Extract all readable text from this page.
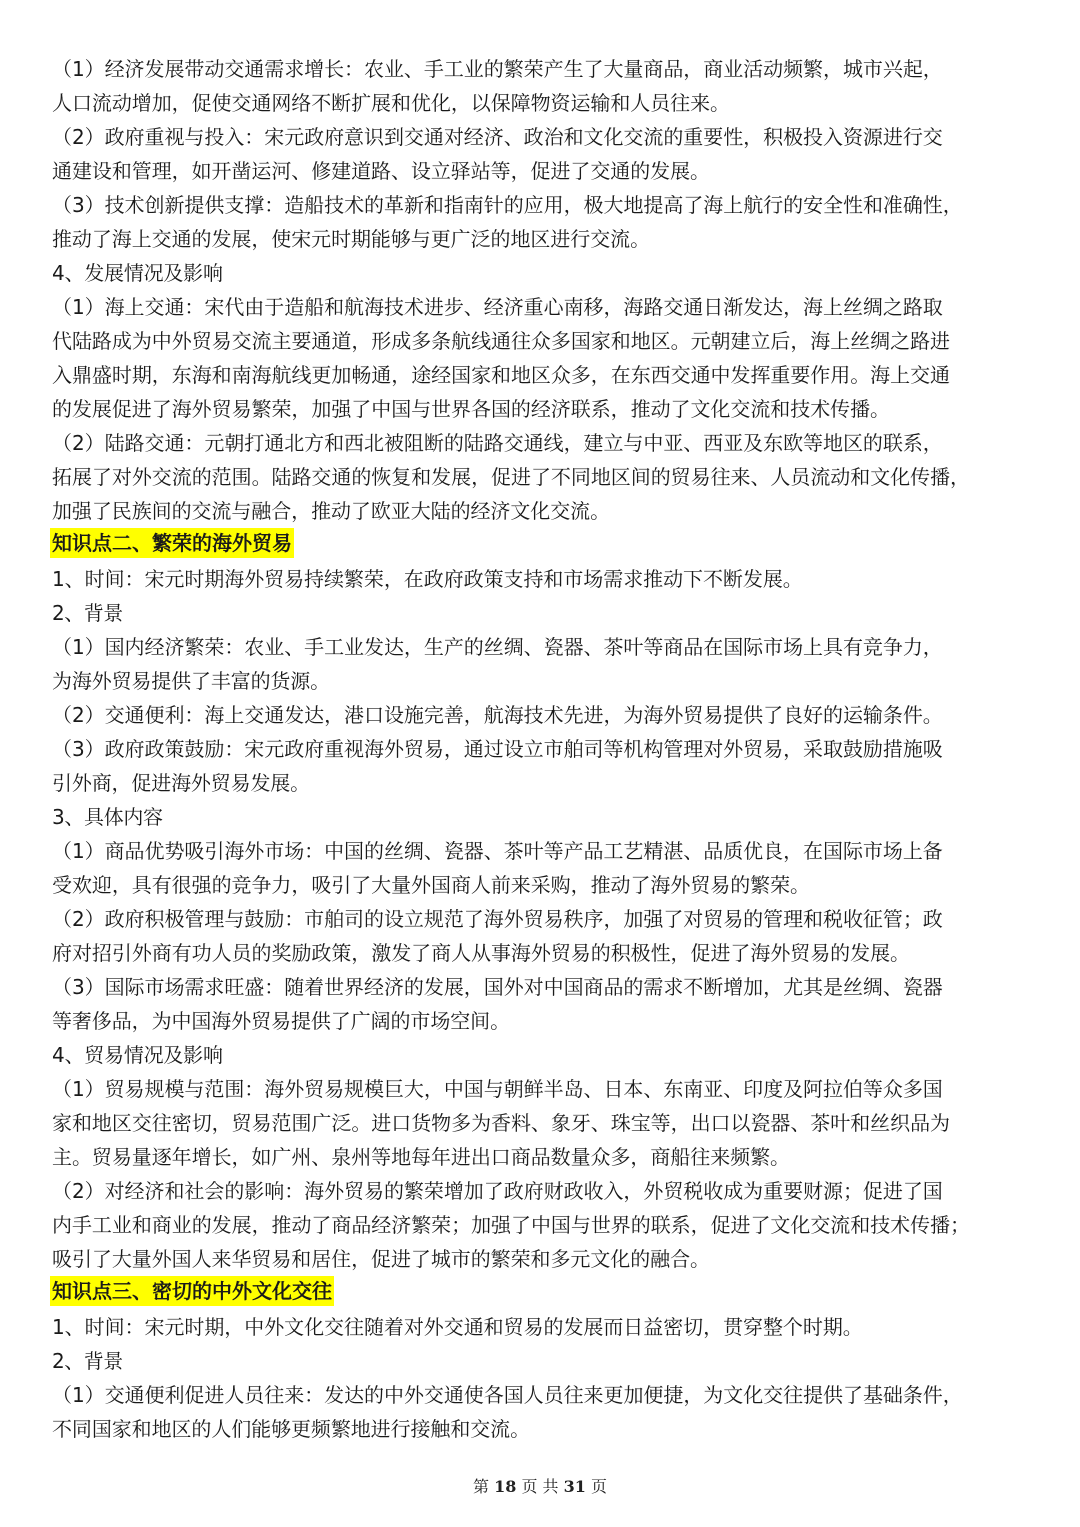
（1）经济发展带动交通需求增长：农业、手工业的繁荣产生了大量商品，商业活动频繁，城市兴起，
人口流动增加，促使交通网络不断扩展和优化，以保障物资运输和人员往来。
（2）政府重视与投入：宋元政府意识到交通对经济、政治和文化交流的重要性，积极投入资源进行交
通建设和管理，如开凿运河、修建道路、设立驿站等，促进了交通的发展。
（3）技术创新提供支撑：造船技术的革新和指南针的应用，极大地提高了海上航行的安全性和准确性，
推动了海上交通的发展，使宋元时期能够与更广泛的地区进行交流。
4、发展情况及影响
（1）海上交通：宋代由于造船和航海技术进步、经济重心南移，海路交通日渐发达，海上丝绸之路取
代陆路成为中外贸易交流主要通道，形成多条航线通往众多国家和地区。元朝建立后，海上丝绸之路进
入鼎盛时期，东海和南海航线更加畅通，途经国家和地区众多，在东西交通中发挥重要作用。海上交通
的发展促进了海外贸易繁荣，加强了中国与世界各国的经济联系，推动了文化交流和技术传播。
（2）陆路交通：元朝打通北方和西北被阻断的陆路交通线，建立与中亚、西亚及东欧等地区的联系，
拓展了对外交流的范围。陆路交通的恢复和发展，促进了不同地区间的贸易往来、人员流动和文化传播，
加强了民族间的交流与融合，推动了欧亚大陆的经济文化交流。
知识点二、繁荣的海外贸易
1、时间：宋元时期海外贸易持续繁荣，在政府政策支持和市场需求推动下不断发展。
2、背景
（1）国内经济繁荣：农业、手工业发达，生产的丝绸、瓷器、茶叶等商品在国际市场上具有竞争力，
为海外贸易提供了丰富的货源。
（2）交通便利：海上交通发达，港口设施完善，航海技术先进，为海外贸易提供了良好的运输条件。
（3）政府政策鼓励：宋元政府重视海外贸易，通过设立市舶司等机构管理对外贸易，采取鼓励措施吸
引外商，促进海外贸易发展。
3、具体内容
（1）商品优势吸引海外市场：中国的丝绸、瓷器、茶叶等产品工艺精湛、品质优良，在国际市场上备
受欢迎，具有很强的竞争力，吸引了大量外国商人前来采购，推动了海外贸易的繁荣。
（2）政府积极管理与鼓励：市舶司的设立规范了海外贸易秩序，加强了对贸易的管理和税收征管；政
府对招引外商有功人员的奖励政策，激发了商人从事海外贸易的积极性，促进了海外贸易的发展。
（3）国际市场需求旺盛：随着世界经济的发展，国外对中国商品的需求不断增加，尤其是丝绸、瓷器
等奢侈品，为中国海外贸易提供了广阔的市场空间。
4、贸易情况及影响
（1）贸易规模与范围：海外贸易规模巨大，中国与朝鲜半岛、日本、东南亚、印度及阿拉伯等众多国
家和地区交往密切，贸易范围广泛。进口货物多为香料、象牙、珠宝等，出口以瓷器、茶叶和丝织品为
主。贸易量逐年增长，如广州、泉州等地每年进出口商品数量众多，商船往来频繁。
（2）对经济和社会的影响：海外贸易的繁荣增加了政府财政收入，外贸税收成为重要财源；促进了国
内手工业和商业的发展，推动了商品经济繁荣；加强了中国与世界的联系，促进了文化交流和技术传播；
吸引了大量外国人来华贸易和居住，促进了城市的繁荣和多元文化的融合。
知识点三、密切的中外文化交往
1、时间：宋元时期，中外文化交往随着对外交通和贸易的发展而日益密切，贯穿整个时期。
2、背景
（1）交通便利促进人员往来：发达的中外交通使各国人员往来更加便捷，为文化交往提供了基础条件，
不同国家和地区的人们能够更频繁地进行接触和交流。
第 18 页 共 31 页
